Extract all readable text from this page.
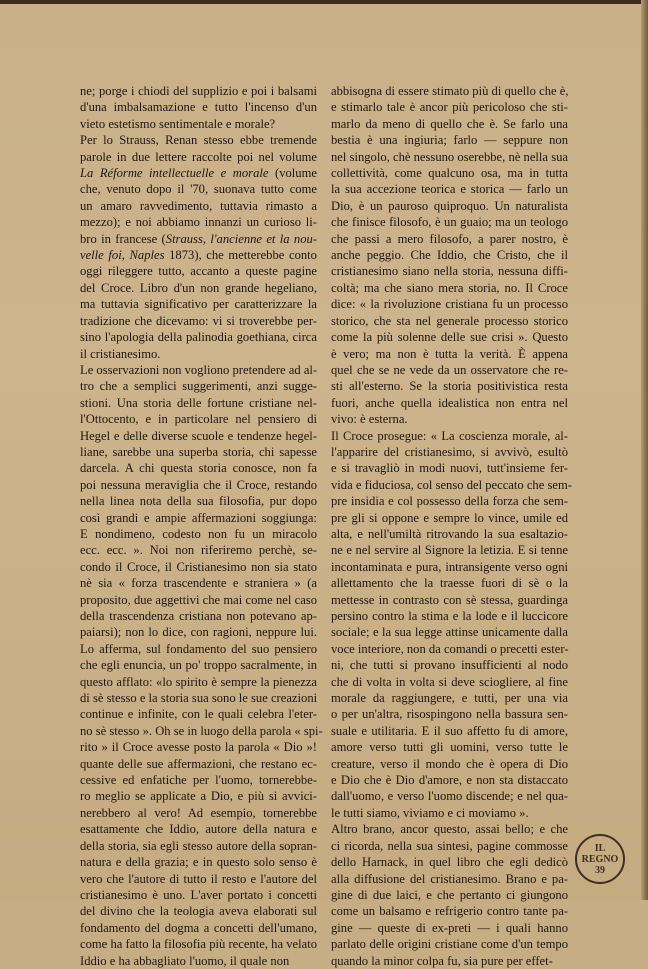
ne; porge i chiodi del supplizio e poi i balsami
d'una imbalsamazione e tutto l'incenso d'un
vieto estetismo sentimentale e morale?
Per lo Strauss, Renan stesso ebbe tremende
parole in due lettere raccolte poi nel volume
La Réforme intellectuelle e morale (volume
che, venuto dopo il '70, suonava tutto come
un amaro ravvedimento, tuttavia rimasto a
mezzo); e noi abbiamo innanzi un curioso li-
bro in francese (Strauss, l'ancienne et la nou-
velle foi, Naples 1873), che metterebbe conto
oggi rileggere tutto, accanto a queste pagine
del Croce. Libro d'un non grande hegeliano,
ma tuttavia significativo per caratterizzare la
tradizione che dicevamo: vi si troverebbe per-
sino l'apologia della palinodia goethiana, circa
il cristianesimo.
Le osservazioni non vogliono pretendere ad al-
tro che a semplici suggerimenti, anzi sugge-
stioni. Una storia delle fortune cristiane nel-
l'Ottocento, e in particolare nel pensiero di
Hegel e delle diverse scuole e tendenze hegel-
liane, sarebbe una superba storia, chi sapesse
darcela. A chi questa storia conosce, non fa
poi nessuna meraviglia che il Croce, restando
nella linea nota della sua filosofia, pur dopo
così grandi e ampie affermazioni soggiunga:
E nondimeno, codesto non fu un miracolo
ecc. ecc. ». Noi non riferiremo perchè, se-
condo il Croce, il Cristianesimo non sia stato
nè sia « forza trascendente e straniera » (a
proposito, due aggettivi che mai come nel caso
della trascendenza cristiana non potevano ap-
paiarsi); non lo dice, con ragioni, neppure lui.
Lo afferma, sul fondamento del suo pensiero
che egli enuncia, un po' troppo sacralmente, in
questo afflato: «lo spirito è sempre la pienezza
di sè stesso e la storia sua sono le sue creazioni
continue e infinite, con le quali celebra l'eter-
no sè stesso ». Oh se in luogo della parola « spi-
rito » il Croce avesse posto la parola « Dio »!
quante delle sue affermazioni, che restano ec-
cessive ed enfatiche per l'uomo, tornerebbe-
ro meglio se applicate a Dio, e più si avvici-
nerebbero al vero! Ad esempio, tornerebbe
esattamente che Iddio, autore della natura e
della storia, sia egli stesso autore della sopran-
natura e della grazia; e in questo solo senso è
vero che l'autore di tutto il resto e l'autore del
cristianesimo è uno. L'aver portato i concetti
del divino che la teologia aveva elaborati sul
fondamento del dogma a concetti dell'umano,
come ha fatto la filosofia più recente, ha velato
Iddio e ha abbagliato l'uomo, il quale non
abbisogna di essere stimato più di quello che è,
e stimarlo tale è ancor più pericoloso che sti-
marlo da meno di quello che è. Se farlo una
bestia è una ingiuria; farlo — seppure non
nel singolo, chè nessuno oserebbe, nè nella sua
collettività, come qualcuno osa, ma in tutta
la sua accezione teorica e storica — farlo un
Dio, è un pauroso quiproquo. Un naturalista
che finisce filosofo, è un guaio; ma un teologo
che passi a mero filosofo, a parer nostro, è
anche peggio. Che Iddio, che Cristo, che il
cristianesimo siano nella storia, nessuna diffi-
coltà; ma che siano mera storia, no. Il Croce
dice: « la rivoluzione cristiana fu un processo
storico, che sta nel generale processo storico
come la più solenne delle sue crisi ». Questo
è vero; ma non è tutta la verità. È appena
quel che se ne vede da un osservatore che re-
sti all'esterno. Se la storia positivistica resta
fuori, anche quella idealistica non entra nel
vivo: è esterna.
Il Croce prosegue: « La coscienza morale, al-
l'apparire del cristianesimo, si avvivò, esultò
e si travagliò in modi nuovi, tutt'insieme fer-
vida e fiduciosa, col senso del peccato che sem-
pre insidia e col possesso della forza che sem-
pre gli si oppone e sempre lo vince, umile ed
alta, e nell'umiltà ritrovando la sua esaltazio-
ne e nel servire al Signore la letizia. E si tenne
incontaminata e pura, intransigente verso ogni
allettamento che la traesse fuori di sè o la
mettesse in contrasto con sè stessa, guardinga
persino contro la stima e la lode e il luccicore
sociale; e la sua legge attinse unicamente dalla
voce interiore, non da comandi o precetti ester-
ni, che tutti si provano insufficienti al nodo
che di volta in volta si deve sciogliere, al fine
morale da raggiungere, e tutti, per una via
o per un'altra, risospingono nella bassura sen-
suale e utilitaria. E il suo affetto fu di amore,
amore verso tutti gli uomini, verso tutte le
creature, verso il mondo che è opera di Dio
e Dio che è Dio d'amore, e non sta distaccato
dall'uomo, e verso l'uomo discende; e nel qua-
le tutti siamo, viviamo e ci moviamo ».
Altro brano, ancor questo, assai bello; e che
ci ricorda, nella sua sintesi, pagine commosse
dello Harnack, in quel libro che egli dedicò
alla diffusione del cristianesimo. Brano e pa-
gine di due laici, e che pertanto ci giungono
come un balsamo e refrigerio contro tante pa-
gine — queste di ex-preti — i quali hanno
parlato delle origini cristiane come d'un tempo
quando la minor colpa fu, sia pure per effet-
IL
REGNO
39
